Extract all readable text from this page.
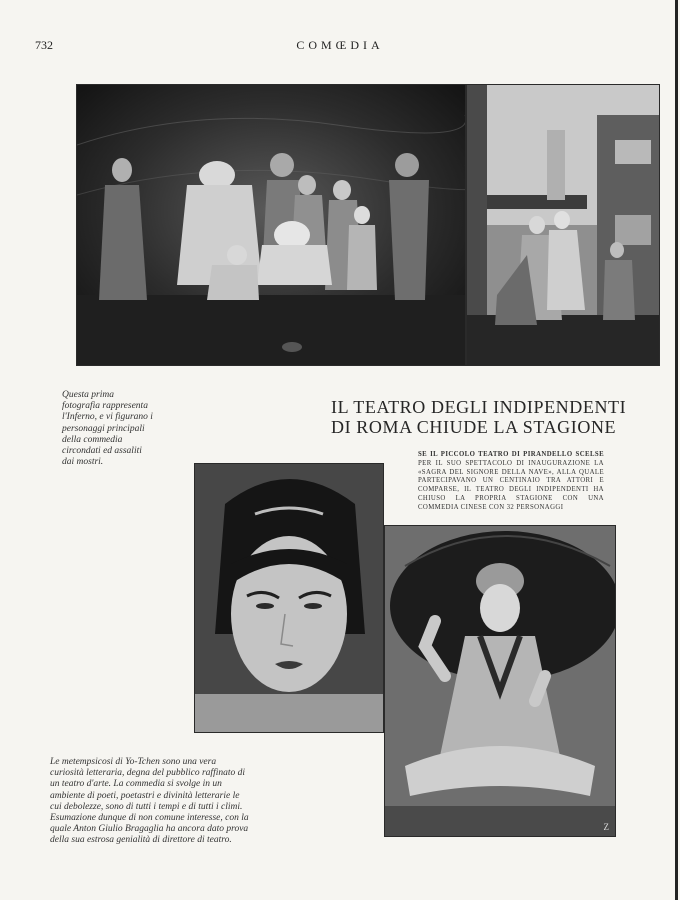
732	COMŒDIA
Questa prima fotografia rappresenta l'Inferno, e vi figurano i personaggi principali della commedia circondati ed assaliti dai mostri.
IL TEATRO DEGLI INDIPENDENTI
DI ROMA CHIUDE LA STAGIONE
SE IL PICCOLO TEATRO DI PIRANDELLO SCELSE PER IL SUO SPETTACOLO DI INAUGURAZIONE LA «SAGRA DEL SIGNORE DELLA NAVE», ALLA QUALE PARTECIPAVANO UN CENTINAIO TRA ATTORI E COMPARSE, IL TEATRO DEGLI INDIPENDENTI HA CHIUSO LA PROPRIA STAGIONE CON UNA COMMEDIA CINESE CON 32 PERSONAGGI
Z
Le metempsicosi di Yo-Tchen sono una vera curiosità letteraria, degna del pubblico raffinato di un teatro d'arte. La commedia si svolge in un ambiente di poeti, poetastri e divinità letterarie le cui debolezze, sono di tutti i tempi e di tutti i climi. Esumazione dunque di non comune interesse, con la quale Anton Giulio Bragaglia ha ancora dato prova della sua estrosa genialità di direttore di teatro.
